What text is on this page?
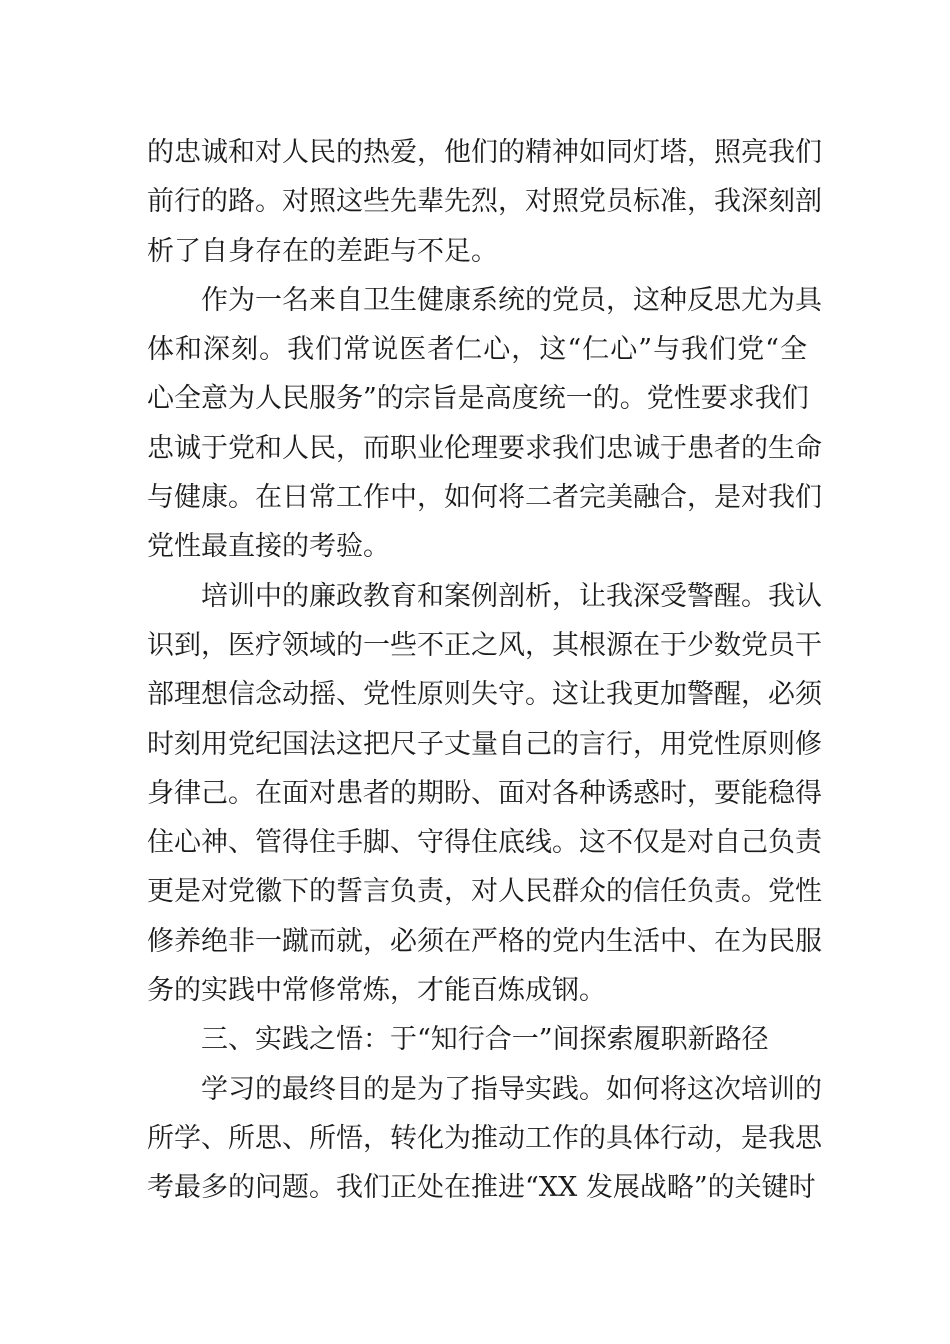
的忠诚和对人民的热爱，他们的精神如同灯塔，照亮我们
前行的路。对照这些先辈先烈，对照党员标准，我深刻剖
析了自身存在的差距与不足。
作为一名来自卫生健康系统的党员，这种反思尤为具
体和深刻。我们常说医者仁心，这“仁心”与我们党“全
心全意为人民服务”的宗旨是高度统一的。党性要求我们
忠诚于党和人民，而职业伦理要求我们忠诚于患者的生命
与健康。在日常工作中，如何将二者完美融合，是对我们
党性最直接的考验。
培训中的廉政教育和案例剖析，让我深受警醒。我认
识到，医疗领域的一些不正之风，其根源在于少数党员干
部理想信念动摇、党性原则失守。这让我更加警醒，必须
时刻用党纪国法这把尺子丈量自己的言行，用党性原则修
身律己。在面对患者的期盼、面对各种诱惑时，要能稳得
住心神、管得住手脚、守得住底线。这不仅是对自己负责
更是对党徽下的誓言负责，对人民群众的信任负责。党性
修养绝非一蹴而就，必须在严格的党内生活中、在为民服
务的实践中常修常炼，才能百炼成钢。
三、实践之悟：于“知行合一”间探索履职新路径
学习的最终目的是为了指导实践。如何将这次培训的
所学、所思、所悟，转化为推动工作的具体行动，是我思
考最多的问题。我们正处在推进“XX 发展战略”的关键时
